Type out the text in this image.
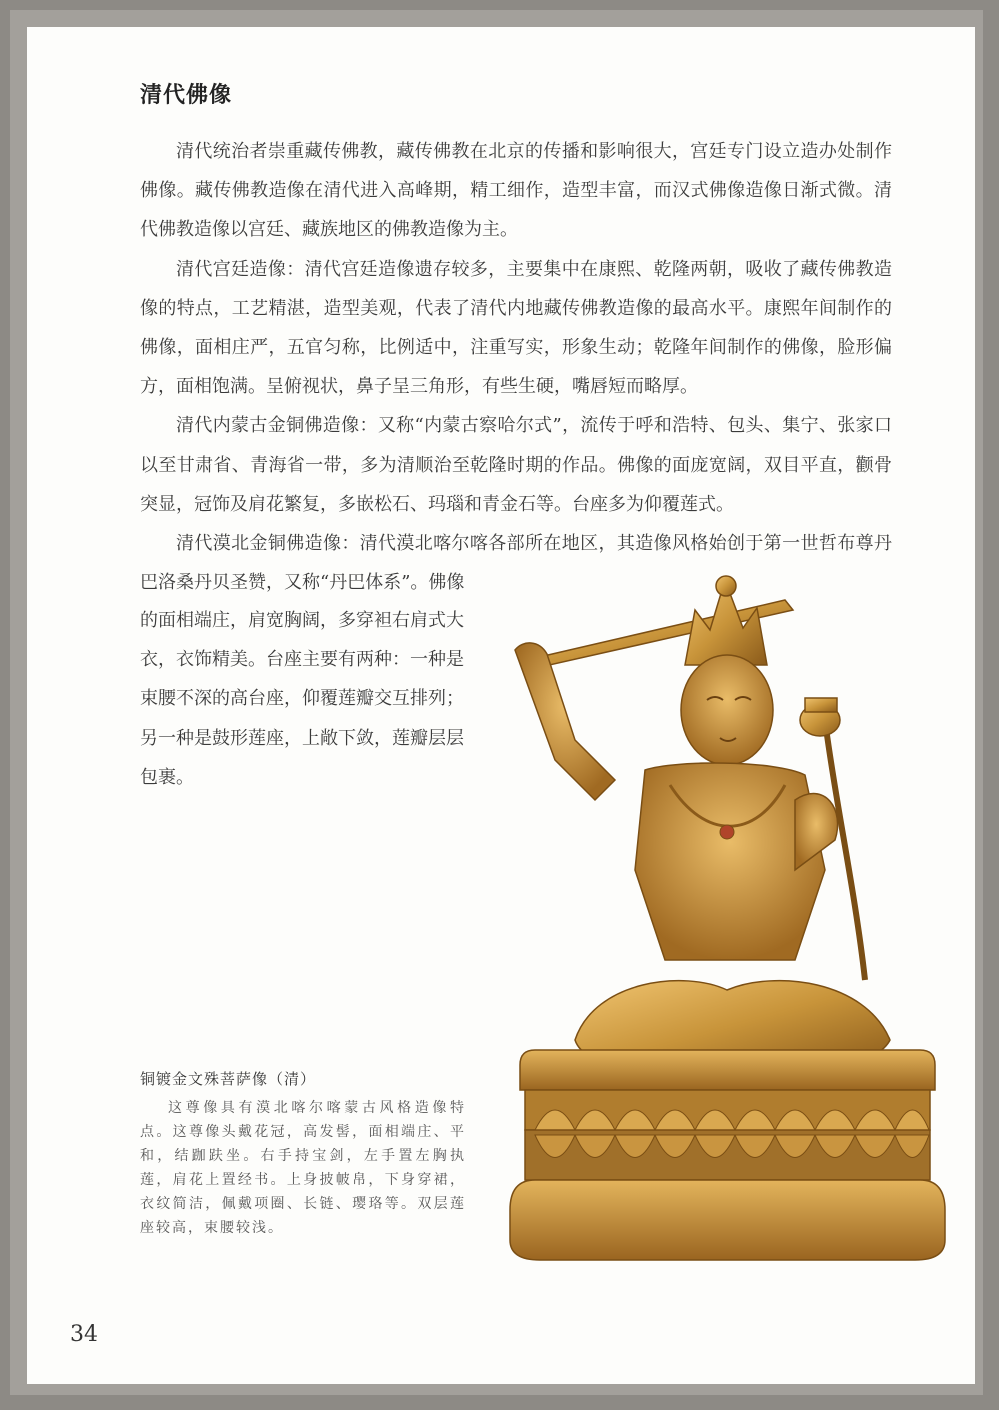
清代佛像

清代统治者崇重藏传佛教，藏传佛教在北京的传播和影响很大，宫廷专门设立造办处制作佛像。藏传佛教造像在清代进入高峰期，精工细作，造型丰富，而汉式佛像造像日渐式微。清代佛教造像以宫廷、藏族地区的佛教造像为主。

清代宫廷造像：清代宫廷造像遗存较多，主要集中在康熙、乾隆两朝，吸收了藏传佛教造像的特点，工艺精湛，造型美观，代表了清代内地藏传佛教造像的最高水平。康熙年间制作的佛像，面相庄严，五官匀称，比例适中，注重写实，形象生动；乾隆年间制作的佛像，脸形偏方，面相饱满。呈俯视状，鼻子呈三角形，有些生硬，嘴唇短而略厚。

清代内蒙古金铜佛造像：又称“内蒙古察哈尔式”，流传于呼和浩特、包头、集宁、张家口以至甘肃省、青海省一带，多为清顺治至乾隆时期的作品。佛像的面庞宽阔，双目平直，颧骨突显，冠饰及肩花繁复，多嵌松石、玛瑙和青金石等。台座多为仰覆莲式。

清代漠北金铜佛造像：清代漠北喀尔喀各部所在地区，其造像风格始创于第一世哲布尊丹巴洛桑丹贝圣赞，又称“丹巴体系”。佛像

的面相端庄，肩宽胸阔，多穿袒右肩式大衣，衣饰精美。台座主要有两种：一种是束腰不深的高台座，仰覆莲瓣交互排列；另一种是鼓形莲座，上敞下敛，莲瓣层层包裹。
铜镀金文殊菩萨像（清）
这尊像具有漠北喀尔喀蒙古风格造像特点。这尊像头戴花冠，高发髻，面相端庄、平和，结跏趺坐。右手持宝剑，左手置左胸执莲，肩花上置经书。上身披帔帛，下身穿裙，衣纹简洁，佩戴项圈、长链、璎珞等。双层莲座较高，束腰较浅。
34
